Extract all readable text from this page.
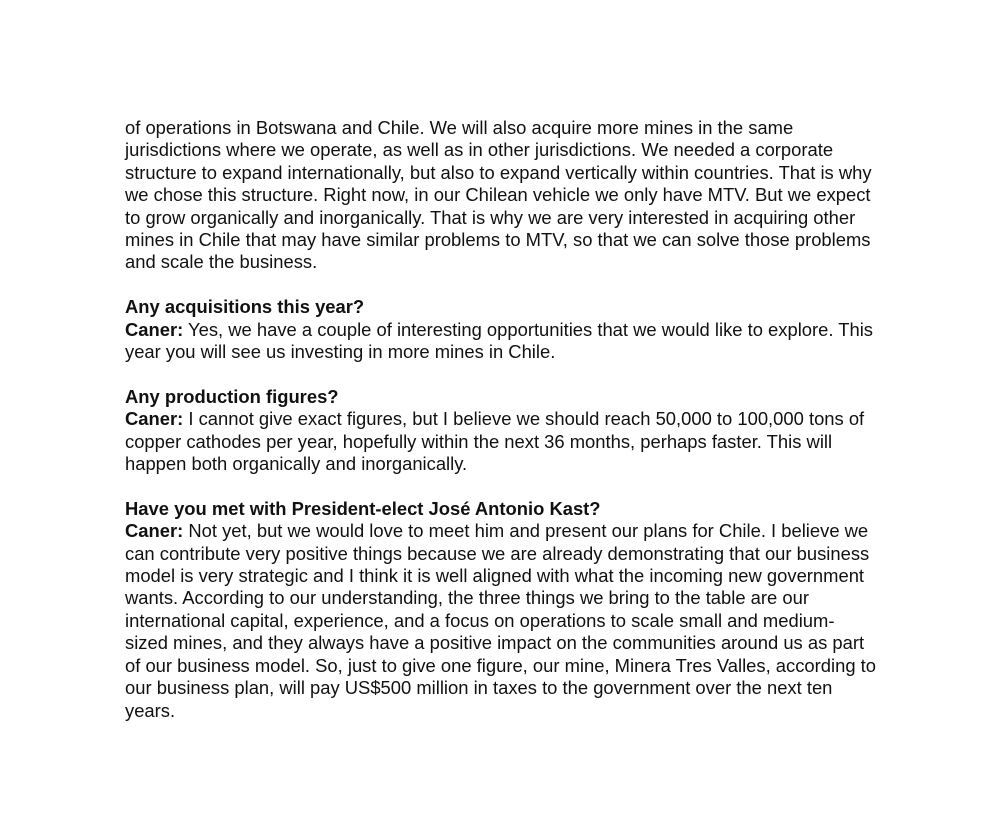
of operations in Botswana and Chile. We will also acquire more mines in the same jurisdictions where we operate, as well as in other jurisdictions. We needed a corporate structure to expand internationally, but also to expand vertically within countries. That is why we chose this structure. Right now, in our Chilean vehicle we only have MTV. But we expect to grow organically and inorganically. That is why we are very interested in acquiring other mines in Chile that may have similar problems to MTV, so that we can solve those problems and scale the business.

Any acquisitions this year?

Caner: Yes, we have a couple of interesting opportunities that we would like to explore. This year you will see us investing in more mines in Chile.

Any production figures?

Caner: I cannot give exact figures, but I believe we should reach 50,000 to 100,000 tons of copper cathodes per year, hopefully within the next 36 months, perhaps faster. This will happen both organically and inorganically.

Have you met with President-elect José Antonio Kast?

Caner: Not yet, but we would love to meet him and present our plans for Chile. I believe we can contribute very positive things because we are already demonstrating that our business model is very strategic and I think it is well aligned with what the incoming new government wants. According to our understanding, the three things we bring to the table are our international capital, experience, and a focus on operations to scale small and medium-sized mines, and they always have a positive impact on the communities around us as part of our business model. So, just to give one figure, our mine, Minera Tres Valles, according to our business plan, will pay US$500 million in taxes to the government over the next ten years.
